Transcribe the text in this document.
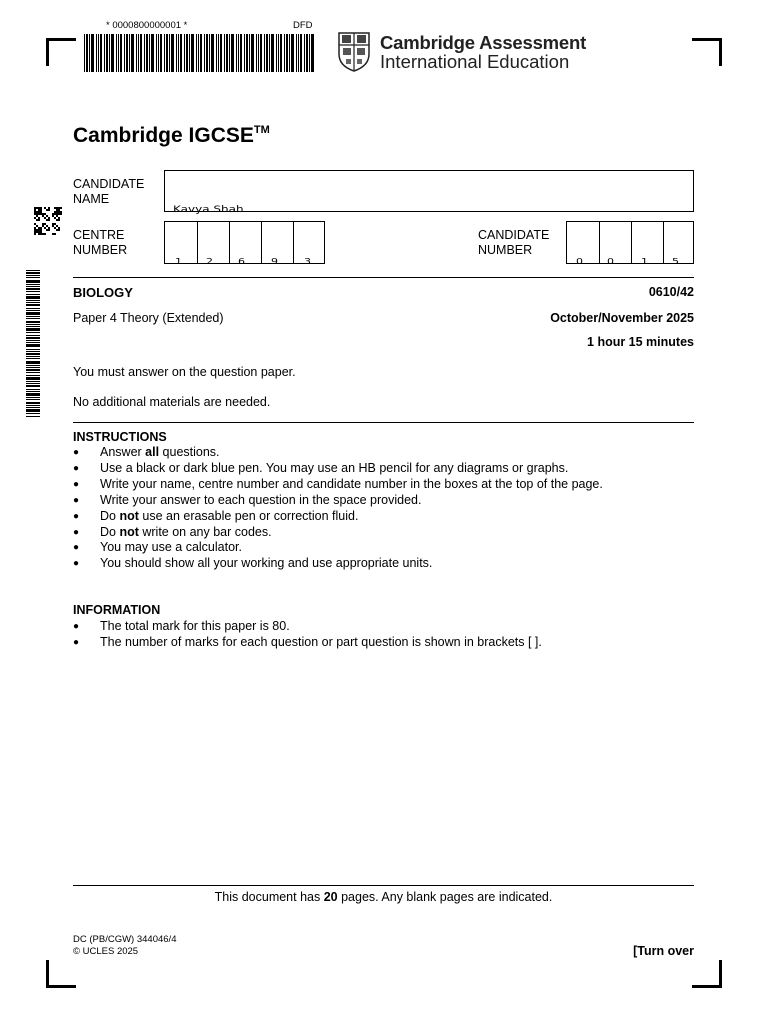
* 0000800000001 *	DFD
Cambridge Assessment
International Education
Cambridge IGCSE™
CANDIDATE
NAME
Kavya Shah
CENTRE
NUMBER
1 2 6 9 3
CANDIDATE
NUMBER
0 0 1 5
BIOLOGY	0610/42
Paper 4 Theory (Extended)	October/November 2025
1 hour 15 minutes
You must answer on the question paper.
No additional materials are needed.
INSTRUCTIONS
● Answer all questions.
● Use a black or dark blue pen. You may use an HB pencil for any diagrams or graphs.
● Write your name, centre number and candidate number in the boxes at the top of the page.
● Write your answer to each question in the space provided.
● Do not use an erasable pen or correction fluid.
● Do not write on any bar codes.
● You may use a calculator.
● You should show all your working and use appropriate units.
INFORMATION
● The total mark for this paper is 80.
● The number of marks for each question or part question is shown in brackets [ ].
This document has 20 pages. Any blank pages are indicated.
DC (PB/CGW) 344046/4
© UCLES 2025	[Turn over
